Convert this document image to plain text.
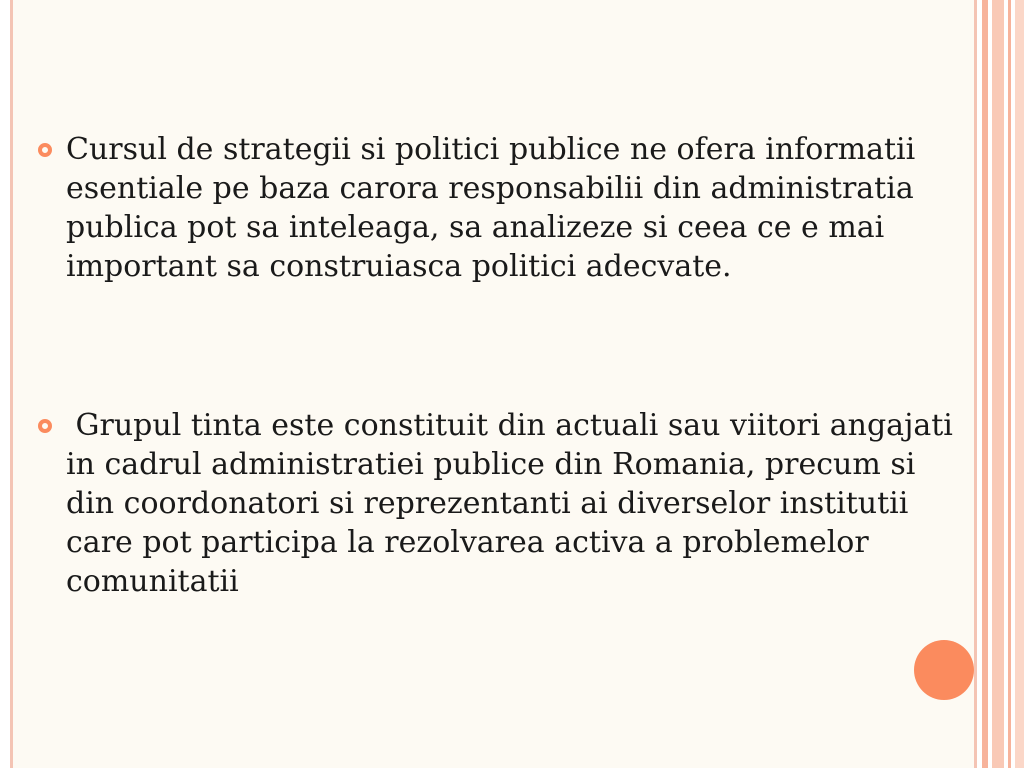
Cursul de strategii si politici publice ne ofera informatii esentiale pe baza carora responsabilii din administratia publica pot sa inteleaga, sa analizeze si ceea ce e mai important sa construiasca politici adecvate.
Grupul tinta este constituit din actuali sau viitori angajati in cadrul administratiei publice din Romania, precum si din coordonatori si reprezentanti ai diverselor institutii care pot participa la rezolvarea activa a problemelor comunitatii
